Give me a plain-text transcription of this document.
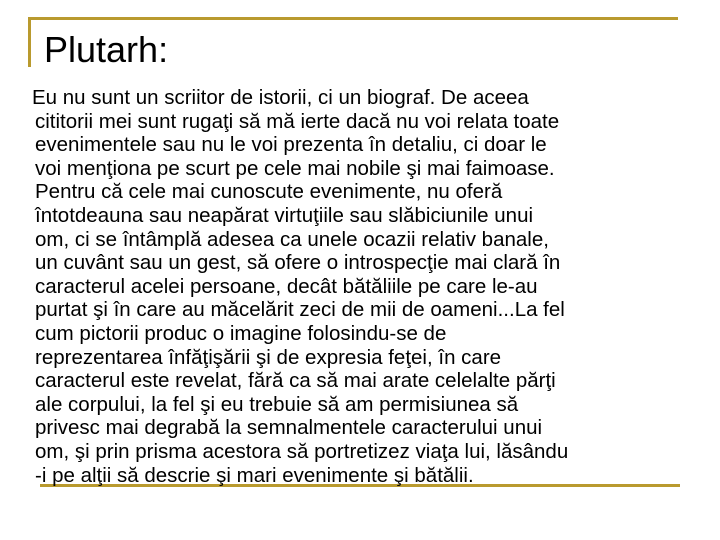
Plutarh:
Eu nu sunt un scriitor de istorii, ci un biograf. De aceea
cititorii mei sunt rugaţi să mă ierte dacă nu voi relata toate
evenimentele sau nu le voi prezenta în detaliu, ci doar le
voi menţiona pe scurt pe cele mai nobile şi mai faimoase.
Pentru că cele mai cunoscute evenimente, nu oferă
întotdeauna sau neapărat virtuţiile sau slăbiciunile unui
om, ci se întâmplă adesea ca unele ocazii relativ banale,
un cuvânt sau un gest, să ofere o introspecţie mai clară în
caracterul acelei persoane, decât bătăliile pe care le-au
purtat şi în care au măcelărit zeci de mii de oameni...La fel
cum pictorii produc o imagine folosindu-se de
reprezentarea înfăţişării şi de expresia feţei, în care
caracterul este revelat, fără ca să mai arate celelalte părţi
ale corpului, la fel şi eu trebuie să am permisiunea să
privesc mai degrabă la semnalmentele caracterului unui
om, şi prin prisma acestora să portretizez viaţa lui, lăsându
-i pe alţii să descrie şi mari evenimente şi bătălii.
